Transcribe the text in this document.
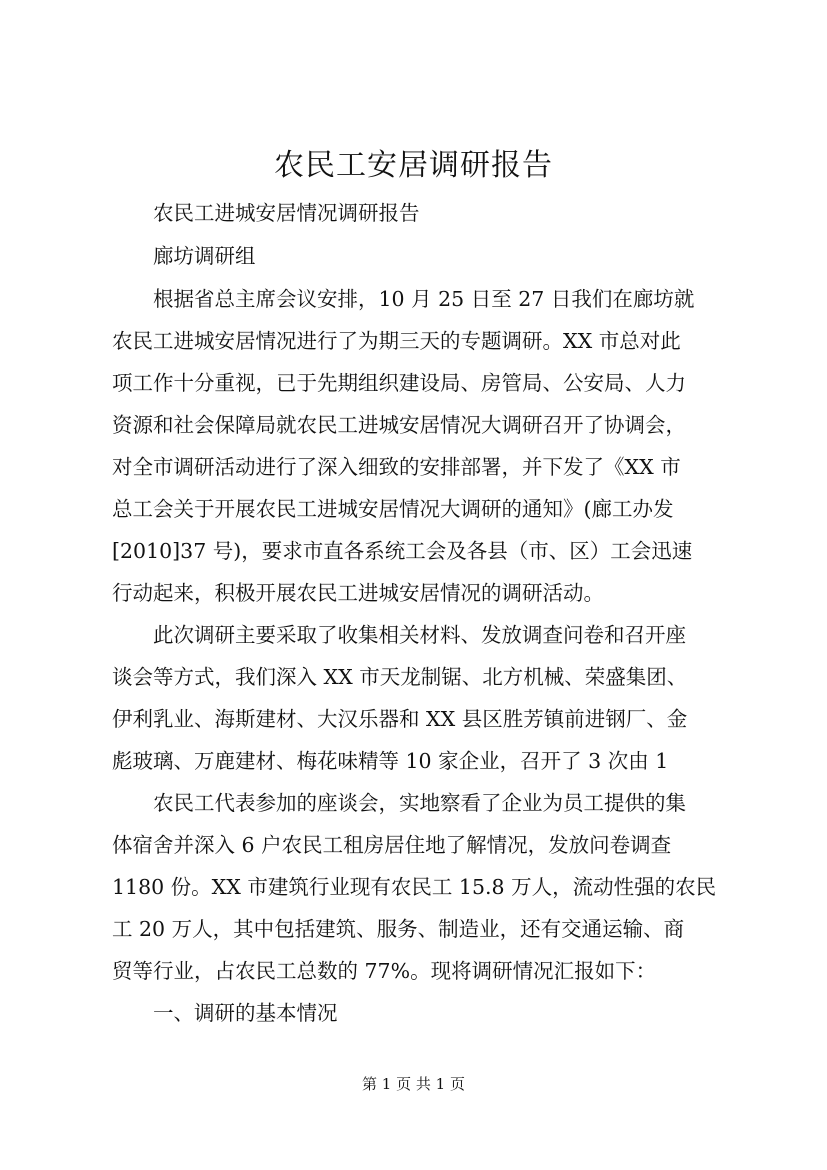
农民工安居调研报告
农民工进城安居情况调研报告
廊坊调研组
根据省总主席会议安排，10 月 25 日至 27 日我们在廊坊就
农民工进城安居情况进行了为期三天的专题调研。XX 市总对此
项工作十分重视，已于先期组织建设局、房管局、公安局、人力
资源和社会保障局就农民工进城安居情况大调研召开了协调会，
对全市调研活动进行了深入细致的安排部署，并下发了《XX 市
总工会关于开展农民工进城安居情况大调研的通知》(廊工办发
[2010]37 号)，要求市直各系统工会及各县（市、区）工会迅速
行动起来，积极开展农民工进城安居情况的调研活动。
此次调研主要采取了收集相关材料、发放调查问卷和召开座
谈会等方式，我们深入 XX 市天龙制锯、北方机械、荣盛集团、
伊利乳业、海斯建材、大汉乐器和 XX 县区胜芳镇前进钢厂、金
彪玻璃、万鹿建材、梅花味精等 10 家企业，召开了 3 次由 1
农民工代表参加的座谈会，实地察看了企业为员工提供的集
体宿舍并深入 6 户农民工租房居住地了解情况，发放问卷调查
1180 份。XX 市建筑行业现有农民工 15.8 万人，流动性强的农民
工 20 万人，其中包括建筑、服务、制造业，还有交通运输、商
贸等行业，占农民工总数的 77%。现将调研情况汇报如下：
一、调研的基本情况
第 1 页 共 1 页
